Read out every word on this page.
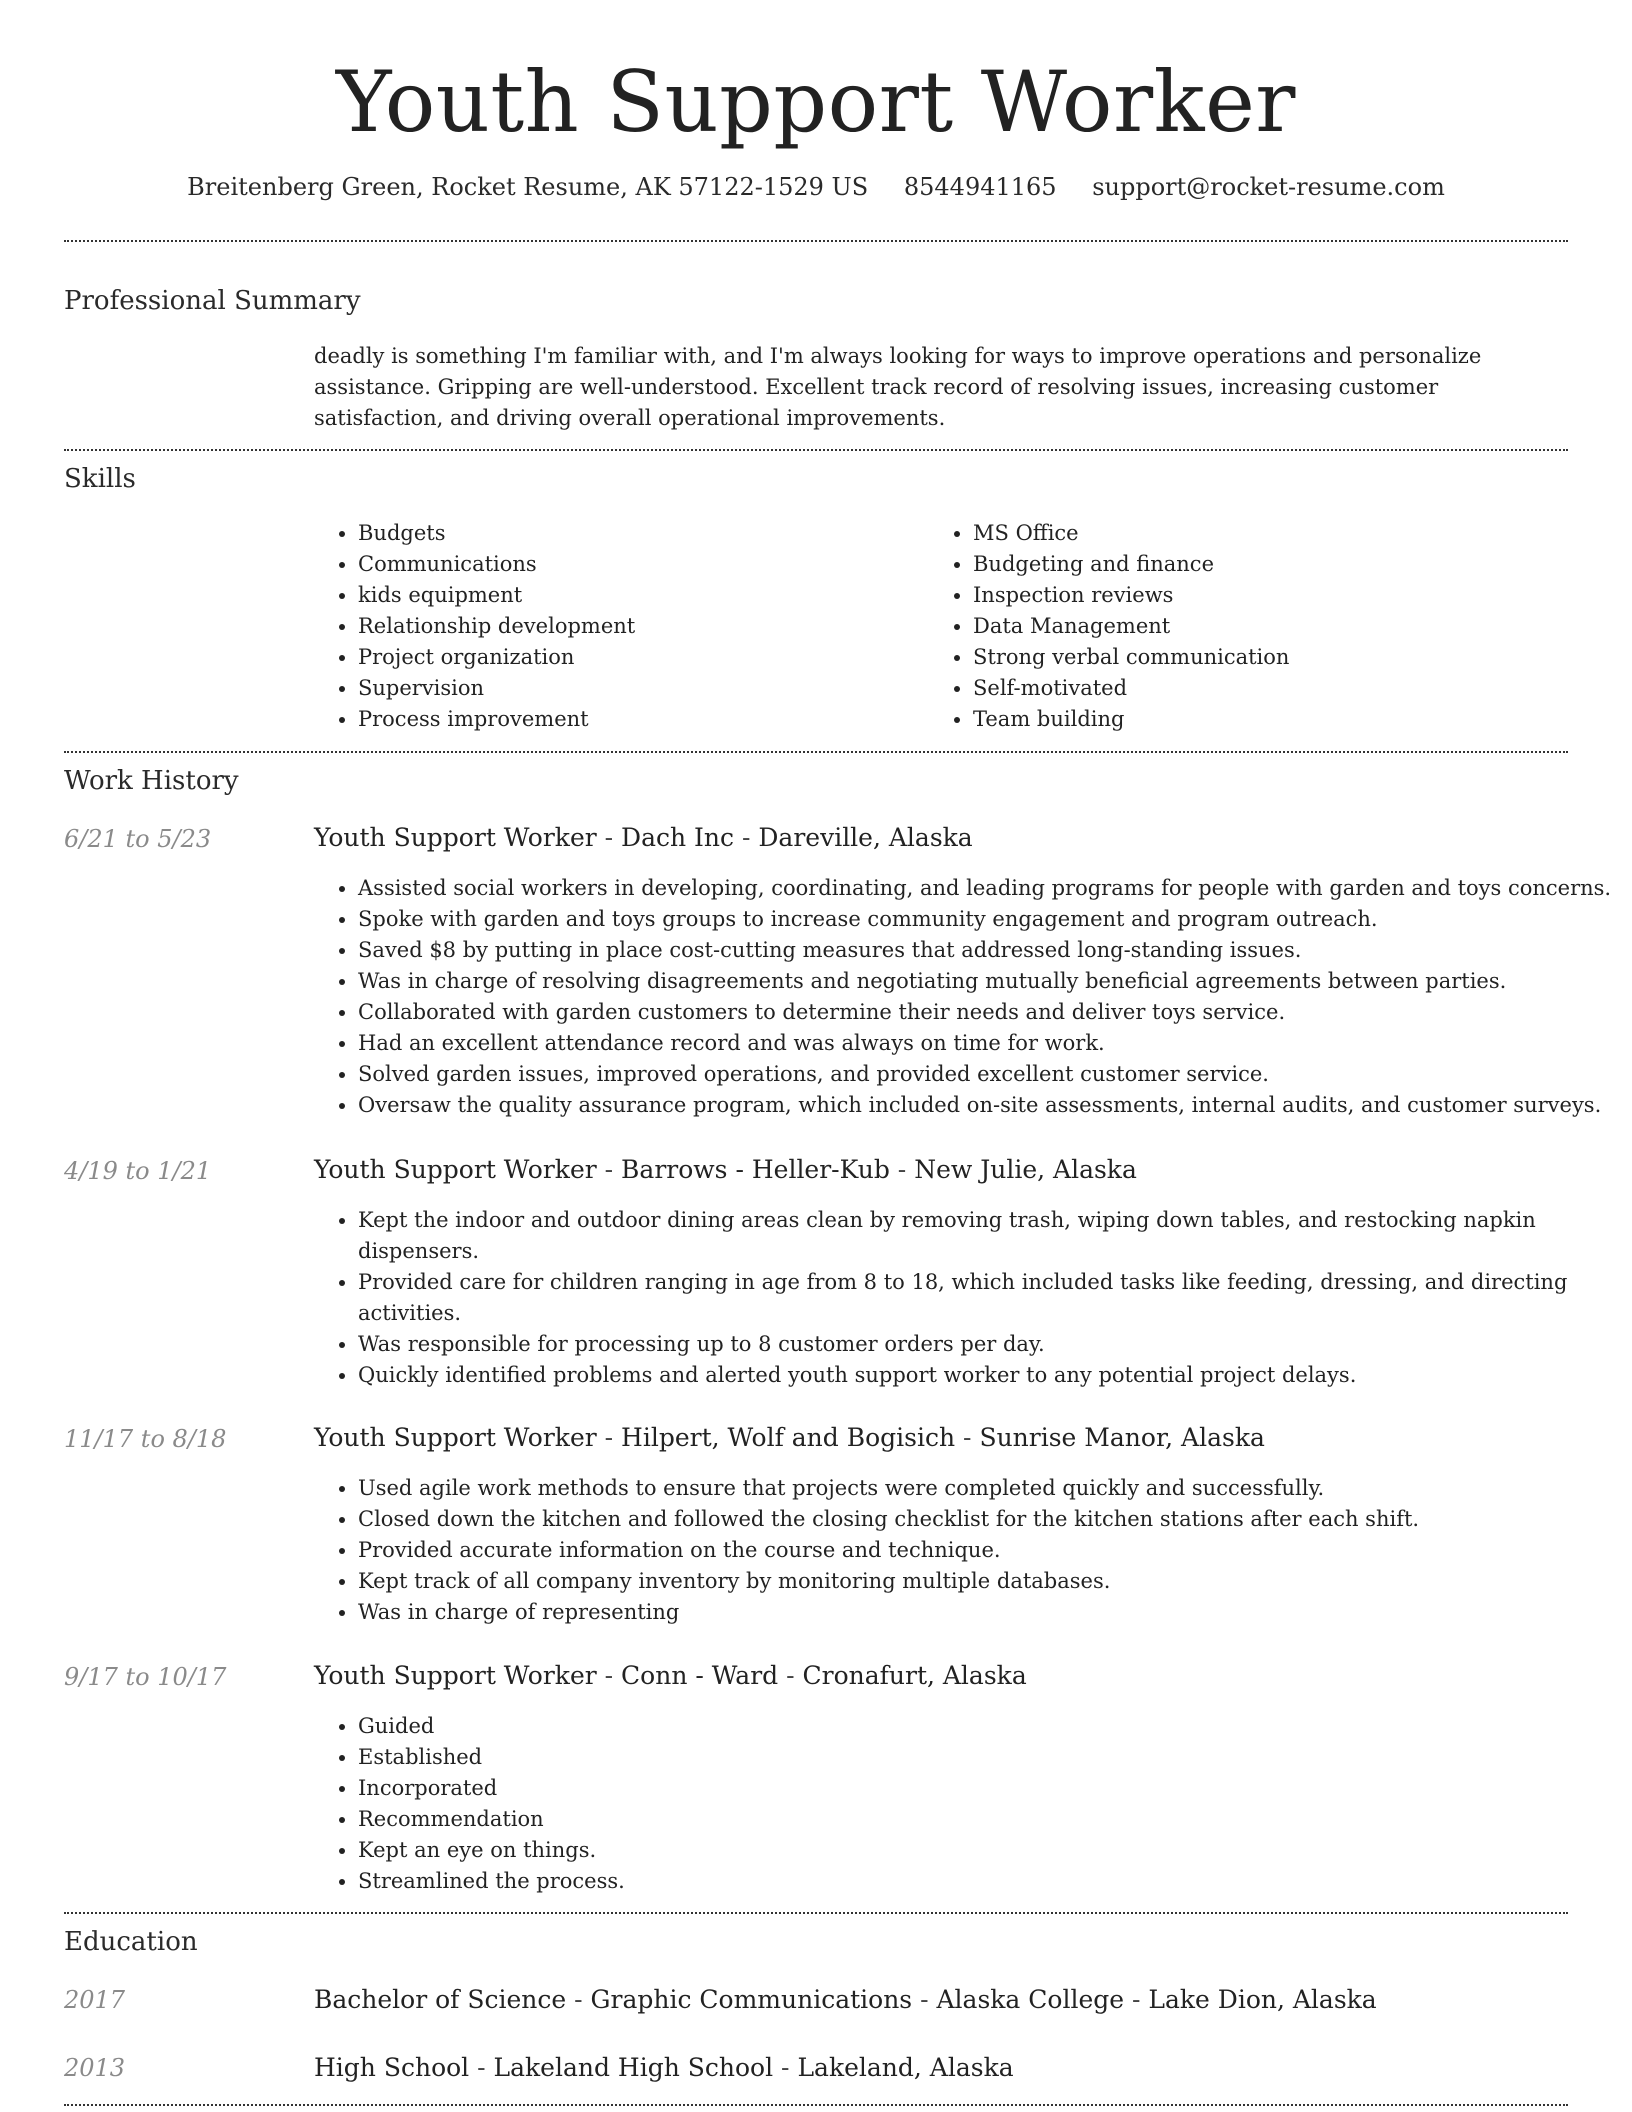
Youth Support Worker
Breitenberg Green, Rocket Resume, AK 57122-1529 US 8544941165 support@rocket-resume.com
Professional Summary
deadly is something I'm familiar with, and I'm always looking for ways to improve operations and personalize assistance. Gripping are well-understood. Excellent track record of resolving issues, increasing customer satisfaction, and driving overall operational improvements.
Skills
• Budgets
• Communications
• kids equipment
• Relationship development
• Project organization
• Supervision
• Process improvement
• MS Office
• Budgeting and finance
• Inspection reviews
• Data Management
• Strong verbal communication
• Self-motivated
• Team building
Work History
6/21 to 5/23	Youth Support Worker - Dach Inc - Dareville, Alaska
• Assisted social workers in developing, coordinating, and leading programs for people with garden and toys concerns.
• Spoke with garden and toys groups to increase community engagement and program outreach.
• Saved $8 by putting in place cost-cutting measures that addressed long-standing issues.
• Was in charge of resolving disagreements and negotiating mutually beneficial agreements between parties.
• Collaborated with garden customers to determine their needs and deliver toys service.
• Had an excellent attendance record and was always on time for work.
• Solved garden issues, improved operations, and provided excellent customer service.
• Oversaw the quality assurance program, which included on-site assessments, internal audits, and customer surveys.
4/19 to 1/21	Youth Support Worker - Barrows - Heller-Kub - New Julie, Alaska
• Kept the indoor and outdoor dining areas clean by removing trash, wiping down tables, and restocking napkin dispensers.
• Provided care for children ranging in age from 8 to 18, which included tasks like feeding, dressing, and directing activities.
• Was responsible for processing up to 8 customer orders per day.
• Quickly identified problems and alerted youth support worker to any potential project delays.
11/17 to 8/18	Youth Support Worker - Hilpert, Wolf and Bogisich - Sunrise Manor, Alaska
• Used agile work methods to ensure that projects were completed quickly and successfully.
• Closed down the kitchen and followed the closing checklist for the kitchen stations after each shift.
• Provided accurate information on the course and technique.
• Kept track of all company inventory by monitoring multiple databases.
• Was in charge of representing
9/17 to 10/17	Youth Support Worker - Conn - Ward - Cronafurt, Alaska
• Guided
• Established
• Incorporated
• Recommendation
• Kept an eye on things.
• Streamlined the process.
Education
2017	Bachelor of Science - Graphic Communications - Alaska College - Lake Dion, Alaska
2013	High School - Lakeland High School - Lakeland, Alaska
